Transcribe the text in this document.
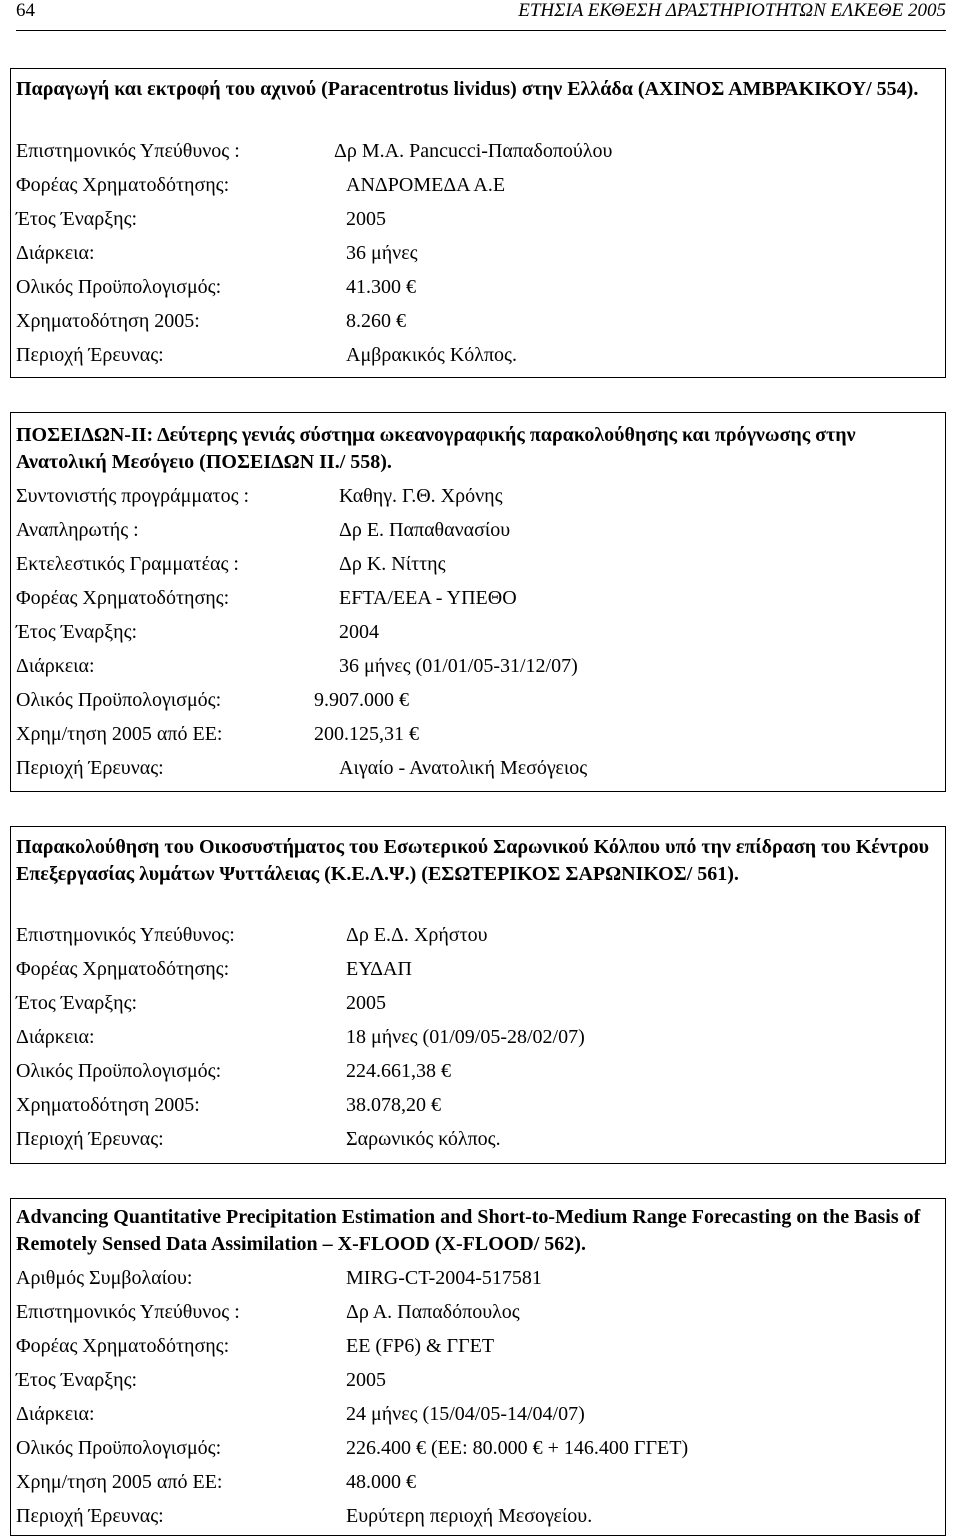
64	ΕΤΗΣΙΑ ΕΚΘΕΣΗ ΔΡΑΣΤΗΡΙΟΤΗΤΩΝ ΕΛΚΕΘΕ 2005
Παραγωγή και εκτροφή του αχινού (Paracentrotus lividus) στην Ελλάδα (ΑΧΙΝΟΣ ΑΜΒΡΑΚΙΚΟΥ/ 554).
Επιστημονικός Υπεύθυνος :	Δρ Μ.Α. Pancucci-Παπαδοπούλου
Φορέας Χρηματοδότησης:	ΑΝΔΡΟΜΕΔΑ Α.Ε
Έτος Έναρξης:	2005
Διάρκεια:	36 μήνες
Ολικός Προϋπολογισμός:	41.300 €
Χρηματοδότηση 2005:	8.260 €
Περιοχή Έρευνας:	Αμβρακικός Κόλπος.
ΠΟΣΕΙΔΩΝ-ΙΙ: Δεύτερης γενιάς σύστημα ωκεανογραφικής παρακολούθησης και πρόγνωσης στην Ανατολική Μεσόγειο (ΠΟΣΕΙΔΩΝ ΙΙ./ 558).
Συντονιστής προγράμματος :	Καθηγ. Γ.Θ. Χρόνης
Αναπληρωτής :	Δρ Ε. Παπαθανασίου
Εκτελεστικός Γραμματέας :	Δρ Κ. Νίττης
Φορέας Χρηματοδότησης:	EFTA/ΕΕΑ - ΥΠΕΘΟ
Έτος Έναρξης:	2004
Διάρκεια:	36 μήνες (01/01/05-31/12/07)
Ολικός Προϋπολογισμός:	9.907.000 €
Χρημ/τηση 2005 από ΕΕ:	200.125,31 €
Περιοχή Έρευνας:	Αιγαίο - Ανατολική Μεσόγειος
Παρακολούθηση του Οικοσυστήματος του Εσωτερικού Σαρωνικού Κόλπου υπό την επίδραση του Κέντρου Επεξεργασίας λυμάτων Ψυττάλειας (Κ.Ε.Λ.Ψ.) (ΕΣΩΤΕΡΙΚΟΣ ΣΑΡΩΝΙΚΟΣ/ 561).
Επιστημονικός Υπεύθυνος:	Δρ Ε.Δ. Χρήστου
Φορέας Χρηματοδότησης:	ΕΥΔΑΠ
Έτος Έναρξης:	2005
Διάρκεια:	18 μήνες (01/09/05-28/02/07)
Ολικός Προϋπολογισμός:	224.661,38 €
Χρηματοδότηση 2005:	38.078,20 €
Περιοχή Έρευνας:	Σαρωνικός κόλπος.
Advancing Quantitative Precipitation Estimation and Short-to-Medium Range Forecasting on the Basis of Remotely Sensed Data Assimilation – X-FLOOD (X-FLOOD/ 562).
Αριθμός Συμβολαίου:	MIRG-CT-2004-517581
Επιστημονικός Υπεύθυνος :	Δρ Α. Παπαδόπουλος
Φορέας Χρηματοδότησης:	ΕΕ (FP6) & ΓΓΕΤ
Έτος Έναρξης:	2005
Διάρκεια:	24 μήνες (15/04/05-14/04/07)
Ολικός Προϋπολογισμός:	226.400 € (ΕΕ: 80.000 € + 146.400 ΓΓΕΤ)
Χρημ/τηση 2005 από ΕΕ:	48.000 €
Περιοχή Έρευνας:	Ευρύτερη περιοχή Μεσογείου.
